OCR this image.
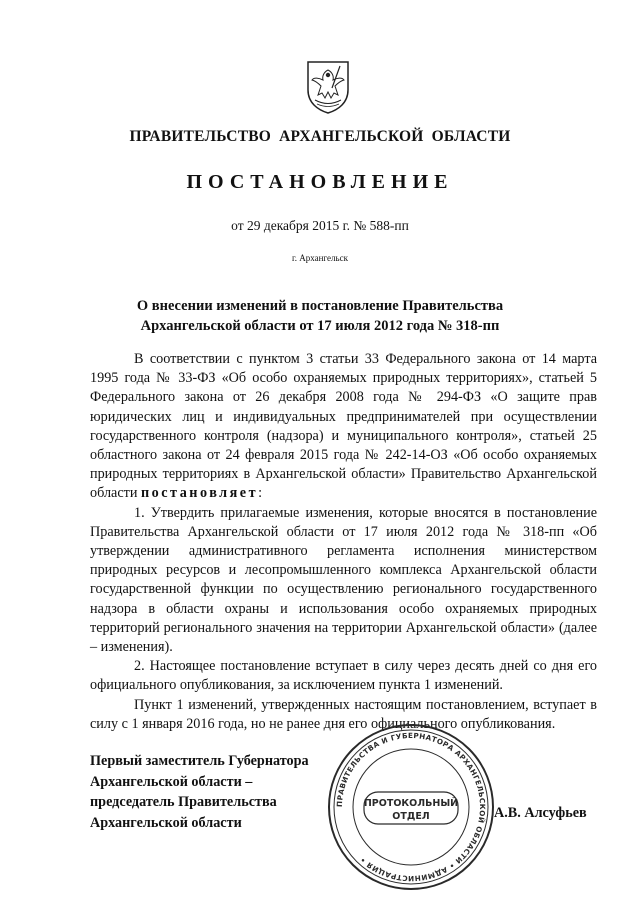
ПРАВИТЕЛЬСТВО АРХАНГЕЛЬСКОЙ ОБЛАСТИ
ПОСТАНОВЛЕНИЕ
от 29 декабря 2015 г. № 588-пп
г. Архангельск
О внесении изменений в постановление Правительства
Архангельской области от 17 июля 2012 года № 318-пп

В соответствии с пунктом 3 статьи 33 Федерального закона от 14 марта 1995 года № 33-ФЗ «Об особо охраняемых природных территориях», статьей 5 Федерального закона от 26 декабря 2008 года № 294-ФЗ «О защите прав юридических лиц и индивидуальных предпринимателей при осуществлении государственного контроля (надзора) и муниципального контроля», статьей 25 областного закона от 24 февраля 2015 года № 242-14-ОЗ «Об особо охраняемых природных территориях в Архангельской области» Правительство Архангельской области постановляет:

1. Утвердить прилагаемые изменения, которые вносятся в постановление Правительства Архангельской области от 17 июля 2012 года № 318-пп «Об утверждении административного регламента исполнения министерством природных ресурсов и лесопромышленного комплекса Архангельской области государственной функции по осуществлению регионального государственного надзора в области охраны и использования особо охраняемых природных территорий регионального значения на территории Архангельской области» (далее – изменения).

2. Настоящее постановление вступает в силу через десять дней со дня его официального опубликования, за исключением пункта 1 изменений.

Пункт 1 изменений, утвержденных настоящим постановлением, вступает в силу с 1 января 2016 года, но не ранее дня его официального опубликования.

Первый заместитель Губернатора
Архангельской области –
председатель Правительства
Архангельской области
ПРАВИТЕЛЬСТВА И ГУБЕРНАТОРА АРХАНГЕЛЬСКОЙ ОБЛАСТИ • АДМИНИСТРАЦИЯ •
ПРОТОКОЛЬНЫЙ
ОТДЕЛ	А.В. Алсуфьев
